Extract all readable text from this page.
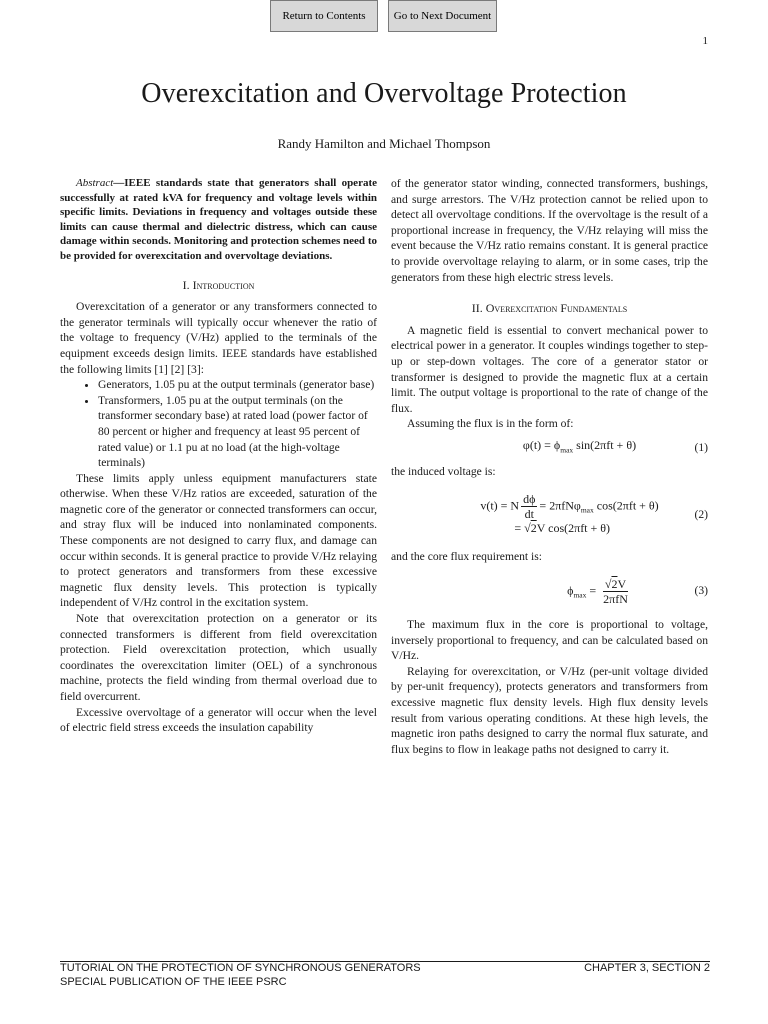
Return to Contents	Go to Next Document
1
Overexcitation and Overvoltage Protection
Randy Hamilton and Michael Thompson

Abstract—IEEE standards state that generators shall operate successfully at rated kVA for frequency and voltage levels within specific limits. Deviations in frequency and voltages outside these limits can cause thermal and dielectric distress, which can cause damage within seconds. Monitoring and protection schemes need to be provided for overexcitation and overvoltage deviations.

I. Introduction

Overexcitation of a generator or any transformers connected to the generator terminals will typically occur whenever the ratio of the voltage to frequency (V/Hz) applied to the terminals of the equipment exceeds design limits. IEEE standards have established the following limits [1] [2] [3]:

• Generators, 1.05 pu at the output terminals (generator base)
• Transformers, 1.05 pu at the output terminals (on the transformer secondary base) at rated load (power factor of 80 percent or higher and frequency at least 95 percent of rated value) or 1.1 pu at no load (at the high-voltage terminals)

These limits apply unless equipment manufacturers state otherwise. When these V/Hz ratios are exceeded, saturation of the magnetic core of the generator or connected transformers can occur, and stray flux will be induced into nonlaminated components. These components are not designed to carry flux, and damage can occur within seconds. It is general practice to provide V/Hz relaying to protect generators and transformers from these excessive magnetic flux density levels. This protection is typically independent of V/Hz control in the excitation system.

Note that overexcitation protection on a generator or its connected transformers is different from field overexcitation protection. Field overexcitation protection, which usually coordinates the overexcitation limiter (OEL) of a synchronous machine, protects the field winding from thermal overload due to field overcurrent.

Excessive overvoltage of a generator will occur when the level of electric field stress exceeds the insulation capability

of the generator stator winding, connected transformers, bushings, and surge arrestors. The V/Hz protection cannot be relied upon to detect all overvoltage conditions. If the overvoltage is the result of a proportional increase in frequency, the V/Hz relaying will miss the event because the V/Hz ratio remains constant. It is general practice to provide overvoltage relaying to alarm, or in some cases, trip the generators from these high electric stress levels.

II. Overexcitation Fundamentals

A magnetic field is essential to convert mechanical power to electrical power in a generator. It couples windings together to step-up or step-down voltages. The core of a generator stator or transformer is designed to provide the magnetic flux at a certain limit. The output voltage is proportional to the rate of change of the flux.

Assuming the flux is in the form of:

$\varphi(t) = \phi_{max}$ sin(2πft + θ)	(1)

the induced voltage is:

v(t) = N $\frac{d\phi}{dt} = 2\pi fN\varphi_{max}$ cos(2πft + θ)
= √2V cos(2πft + θ)
(2)

and the core flux requirement is:

$\phi_{max} = \frac{√2V}{\text{2πfN}}$	(3)

The maximum flux in the core is proportional to voltage, inversely proportional to frequency, and can be calculated based on V/Hz.

Relaying for overexcitation, or V/Hz (per-unit voltage divided by per-unit frequency), protects generators and transformers from excessive magnetic flux density levels. High flux density levels result from various operating conditions. At these high levels, the magnetic iron paths designed to carry the normal flux saturate, and flux begins to flow in leakage paths not designed to carry it.

TUTORIAL ON THE PROTECTION OF SYNCHRONOUS GENERATORS
SPECIAL PUBLICATION OF THE IEEE PSRC
CHAPTER 3, SECTION 2
